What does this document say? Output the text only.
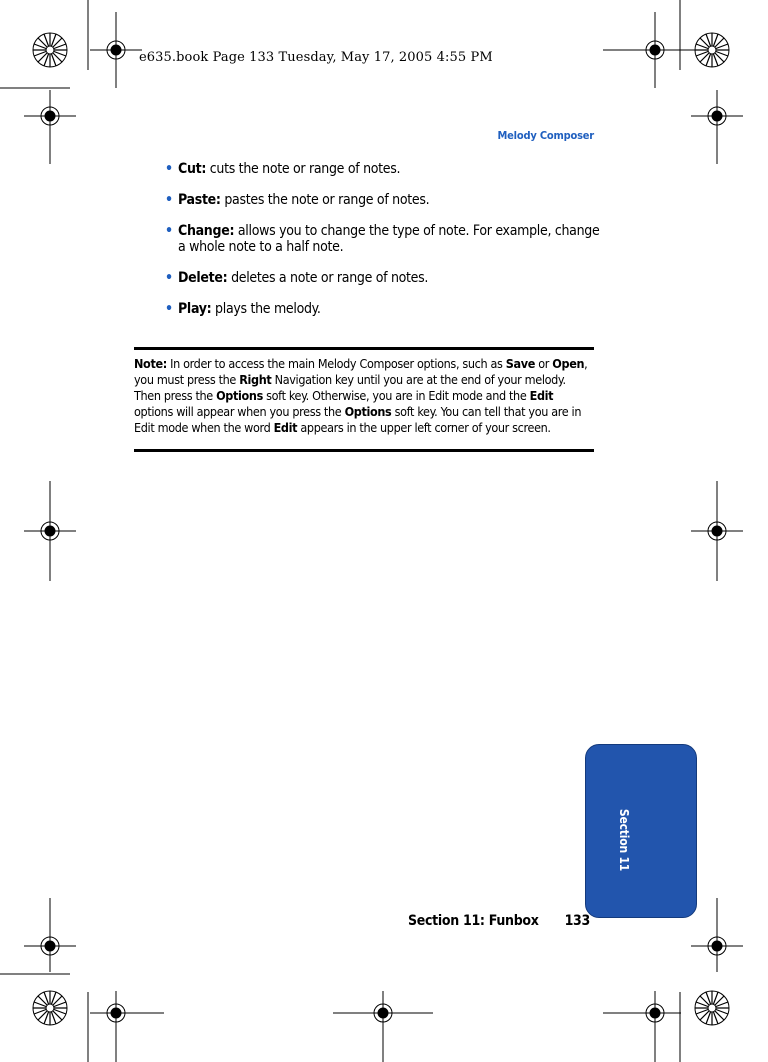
e635.book Page 133 Tuesday, May 17, 2005 4:55 PM
Melody Composer
• Cut: cuts the note or range of notes.
• Paste: pastes the note or range of notes.
• Change: allows you to change the type of note. For example, change a whole note to a half note.
• Delete: deletes a note or range of notes.
• Play: plays the melody.
Note: In order to access the main Melody Composer options, such as Save or Open, you must press the Right Navigation key until you are at the end of your melody. Then press the Options soft key. Otherwise, you are in Edit mode and the Edit options will appear when you press the Options soft key. You can tell that you are in Edit mode when the word Edit appears in the upper left corner of your screen.
Section 11
Section 11: Funbox 133
